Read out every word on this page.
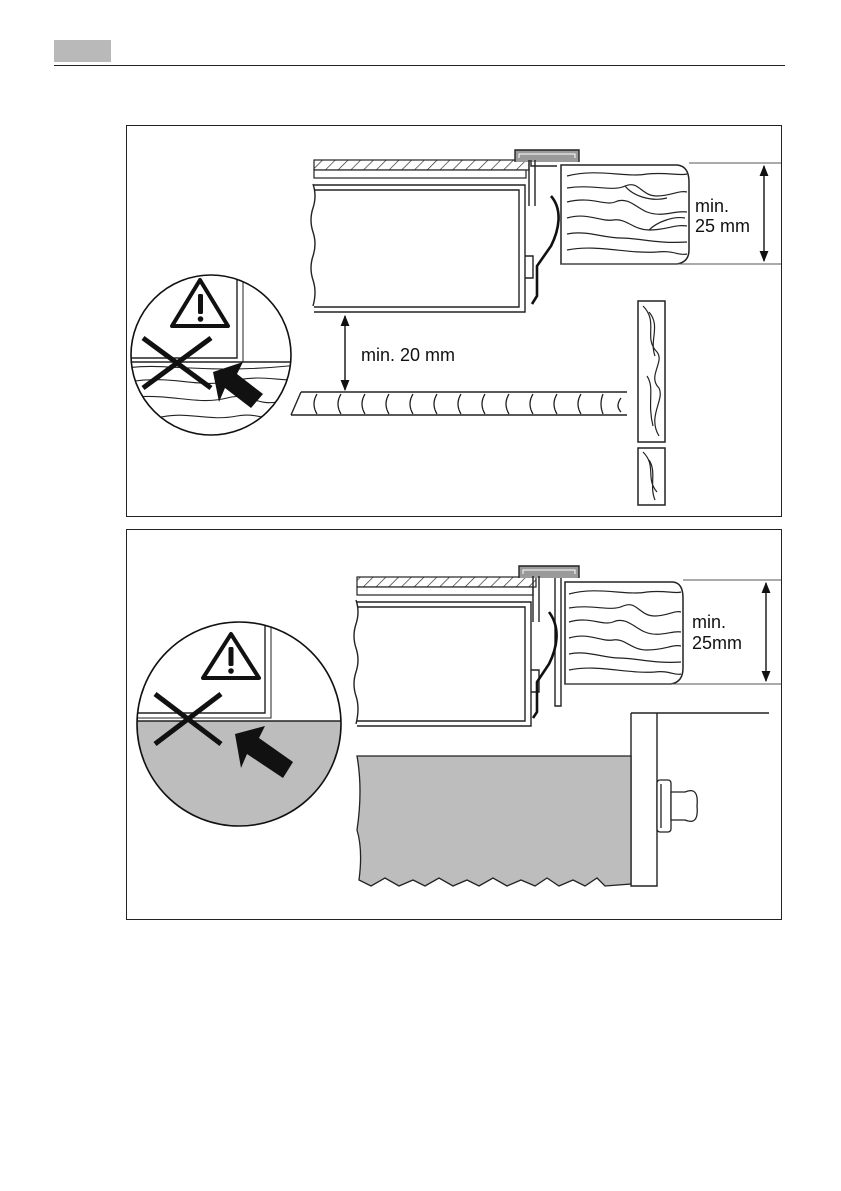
min.
25 mm
min. 20 mm
min.
25mm
